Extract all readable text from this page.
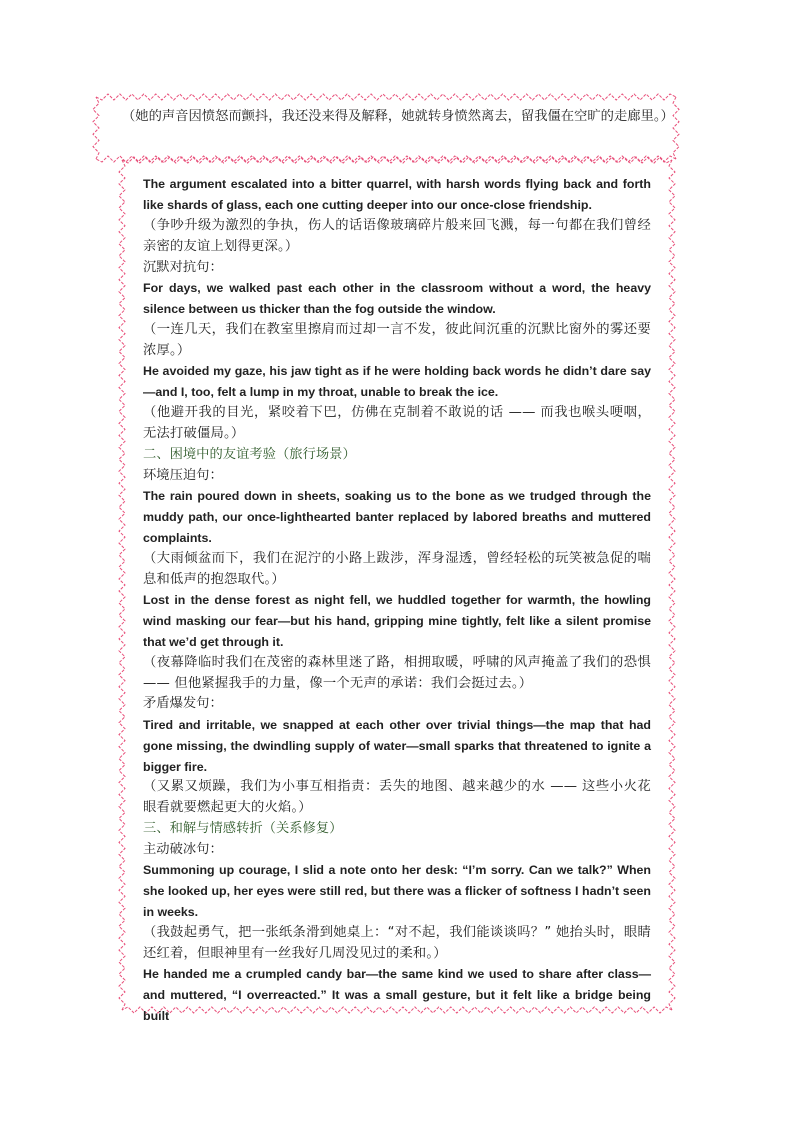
（她的声音因愤怒而颤抖，我还没来得及解释，她就转身愤然离去，留我僵在空旷的走廊里。）

The argument escalated into a bitter quarrel, with harsh words flying back and forth like shards of glass, each one cutting deeper into our once-close friendship.

（争吵升级为激烈的争执，伤人的话语像玻璃碎片般来回飞溅，每一句都在我们曾经亲密的友谊上划得更深。）

沉默对抗句：

For days, we walked past each other in the classroom without a word, the heavy silence between us thicker than the fog outside the window.

（一连几天，我们在教室里擦肩而过却一言不发，彼此间沉重的沉默比窗外的雾还要浓厚。）

He avoided my gaze, his jaw tight as if he were holding back words he didn’t dare say—and I, too, felt a lump in my throat, unable to break the ice.

（他避开我的目光，紧咬着下巴，仿佛在克制着不敢说的话 —— 而我也喉头哽咽，无法打破僵局。）

二、困境中的友谊考验（旅行场景）

环境压迫句：

The rain poured down in sheets, soaking us to the bone as we trudged through the muddy path, our once-lighthearted banter replaced by labored breaths and muttered complaints.

（大雨倾盆而下，我们在泥泞的小路上跋涉，浑身湿透，曾经轻松的玩笑被急促的喘息和低声的抱怨取代。）

Lost in the dense forest as night fell, we huddled together for warmth, the howling wind masking our fear—but his hand, gripping mine tightly, felt like a silent promise that we’d get through it.

（夜幕降临时我们在茂密的森林里迷了路，相拥取暖，呼啸的风声掩盖了我们的恐惧 —— 但他紧握我手的力量，像一个无声的承诺：我们会挺过去。）

矛盾爆发句：

Tired and irritable, we snapped at each other over trivial things—the map that had gone missing, the dwindling supply of water—small sparks that threatened to ignite a bigger fire.

（又累又烦躁，我们为小事互相指责：丢失的地图、越来越少的水 —— 这些小火花眼看就要燃起更大的火焰。）

三、和解与情感转折（关系修复）

主动破冰句：

Summoning up courage, I slid a note onto her desk: “I’m sorry. Can we talk?” When she looked up, her eyes were still red, but there was a flicker of softness I hadn’t seen in weeks.

（我鼓起勇气，把一张纸条滑到她桌上：“对不起，我们能谈谈吗？” 她抬头时，眼睛还红着，但眼神里有一丝我好几周没见过的柔和。）

He handed me a crumpled candy bar—the same kind we used to share after class—and muttered, “I overreacted.” It was a small gesture, but it felt like a bridge being built
